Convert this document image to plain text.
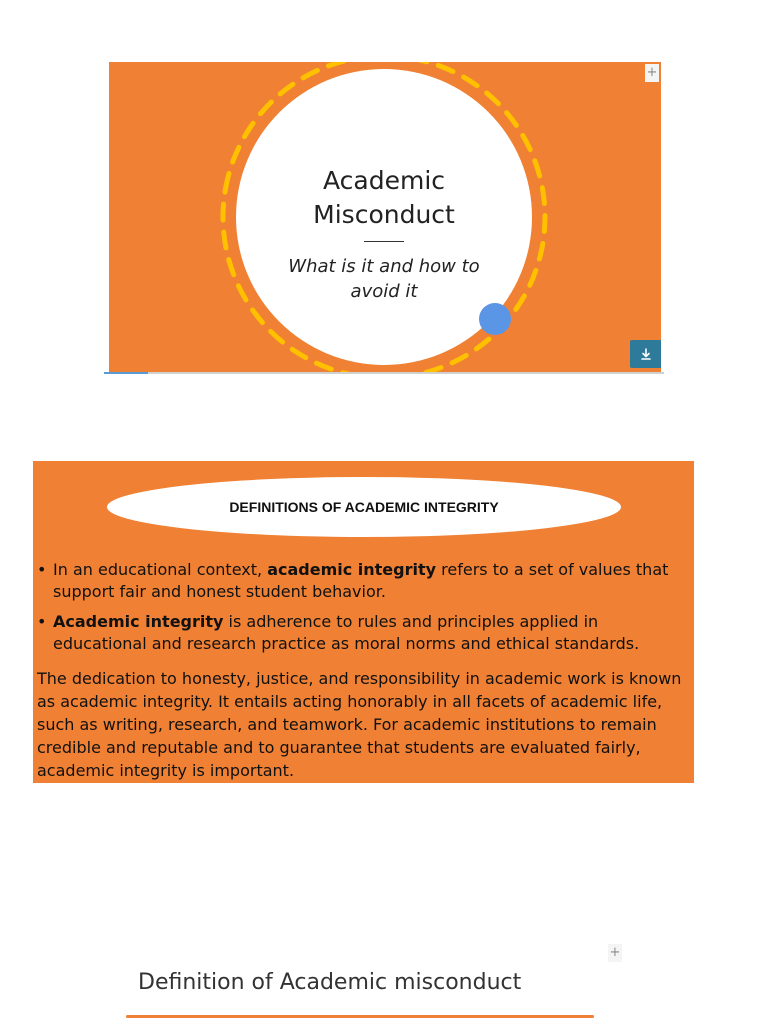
Academic
Misconduct
What is it and how to avoid it
+
DEFINITIONS OF ACADEMIC INTEGRITY
• In an educational context, academic integrity refers to a set of values that support fair and honest student behavior.
• Academic integrity is adherence to rules and principles applied in educational and research practice as moral norms and ethical standards.

The dedication to honesty, justice, and responsibility in academic work is known as academic integrity. It entails acting honorably in all facets of academic life, such as writing, research, and teamwork. For academic institutions to remain credible and reputable and to guarantee that students are evaluated fairly, academic integrity is important.

+
Definition of Academic misconduct
